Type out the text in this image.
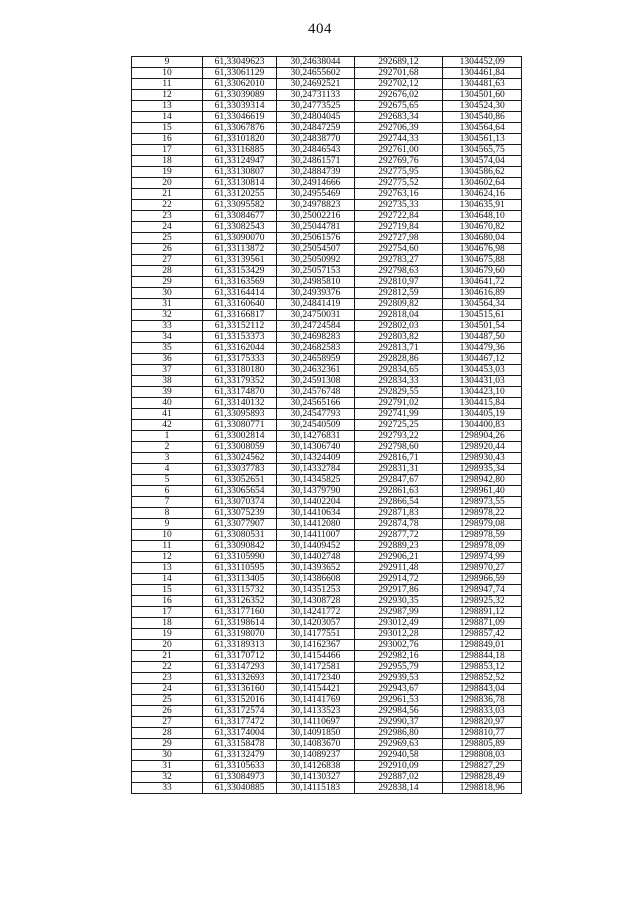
404
9	61,33049623	30,24638044	292689,12	1304452,09
10	61,33061129	30,24655602	292701,68	1304461,84
11	61,33062010	30,24692521	292702,12	1304481,63
12	61,33039089	30,24731133	292676,02	1304501,60
13	61,33039314	30,24773525	292675,65	1304524,30
14	61,33046619	30,24804045	292683,34	1304540,86
15	61,33067876	30,24847259	292706,39	1304564,64
16	61,33101820	30,24838770	292744,33	1304561,13
17	61,33116885	30,24846543	292761,00	1304565,75
18	61,33124947	30,24861571	292769,76	1304574,04
19	61,33130807	30,24884739	292775,95	1304586,62
20	61,33130814	30,24914666	292775,52	1304602,64
21	61,33120255	30,24955469	292763,16	1304624,16
22	61,33095582	30,24978823	292735,33	1304635,91
23	61,33084677	30,25002216	292722,84	1304648,10
24	61,33082543	30,25044781	292719,84	1304670,82
25	61,33090070	30,25061576	292727,98	1304680,04
26	61,33113872	30,25054507	292754,60	1304676,98
27	61,33139561	30,25050992	292783,27	1304675,88
28	61,33153429	30,25057153	292798,63	1304679,60
29	61,33163569	30,24985810	292810,97	1304641,72
30	61,33164414	30,24939376	292812,59	1304616,89
31	61,33160640	30,24841419	292809,82	1304564,34
32	61,33166817	30,24750031	292818,04	1304515,61
33	61,33152112	30,24724584	292802,03	1304501,54
34	61,33153373	30,24698283	292803,82	1304487,50
35	61,33162044	30,24682583	292813,71	1304479,36
36	61,33175333	30,24658959	292828,86	1304467,12
37	61,33180180	30,24632361	292834,65	1304453,03
38	61,33179352	30,24591308	292834,33	1304431,03
39	61,33174870	30,24576748	292829,55	1304423,10
40	61,33140132	30,24565166	292791,02	1304415,84
41	61,33095893	30,24547793	292741,99	1304405,19
42	61,33080771	30,24540509	292725,25	1304400,83
1	61,33002814	30,14276831	292793,22	1298904,26
2	61,33008059	30,14306740	292798,60	1298920,44
3	61,33024562	30,14324409	292816,71	1298930,43
4	61,33037783	30,14332784	292831,31	1298935,34
5	61,33052651	30,14345825	292847,67	1298942,80
6	61,33065654	30,14379790	292861,63	1298961,40
7	61,33070374	30,14402204	292866,54	1298973,55
8	61,33075239	30,14410634	292871,83	1298978,22
9	61,33077907	30,14412080	292874,78	1298979,08
10	61,33080531	30,14411007	292877,72	1298978,59
11	61,33090842	30,14409452	292889,23	1298978,09
12	61,33105990	30,14402748	292906,21	1298974,99
13	61,33110595	30,14393652	292911,48	1298970,27
14	61,33113405	30,14386608	292914,72	1298966,59
15	61,33115732	30,14351253	292917,86	1298947,74
16	61,33126352	30,14308728	292930,35	1298925,32
17	61,33177160	30,14241772	292987,99	1298891,12
18	61,33198614	30,14203057	293012,49	1298871,09
19	61,33198070	30,14177551	293012,28	1298857,42
20	61,33189313	30,14162367	293002,76	1298849,01
21	61,33170712	30,14154466	292982,16	1298844,18
22	61,33147293	30,14172581	292955,79	1298853,12
23	61,33132693	30,14172340	292939,53	1298852,52
24	61,33136160	30,14154421	292943,67	1298843,04
25	61,33152016	30,14141769	292961,53	1298836,78
26	61,33172574	30,14133523	292984,56	1298833,03
27	61,33177472	30,14110697	292990,37	1298820,97
28	61,33174004	30,14091850	292986,80	1298810,77
29	61,33158478	30,14083670	292969,63	1298805,89
30	61,33132479	30,14089237	292940,58	1298808,03
31	61,33105633	30,14126838	292910,09	1298827,29
32	61,33084973	30,14130327	292887,02	1298828,49
33	61,33040885	30,14115183	292838,14	1298818,96
